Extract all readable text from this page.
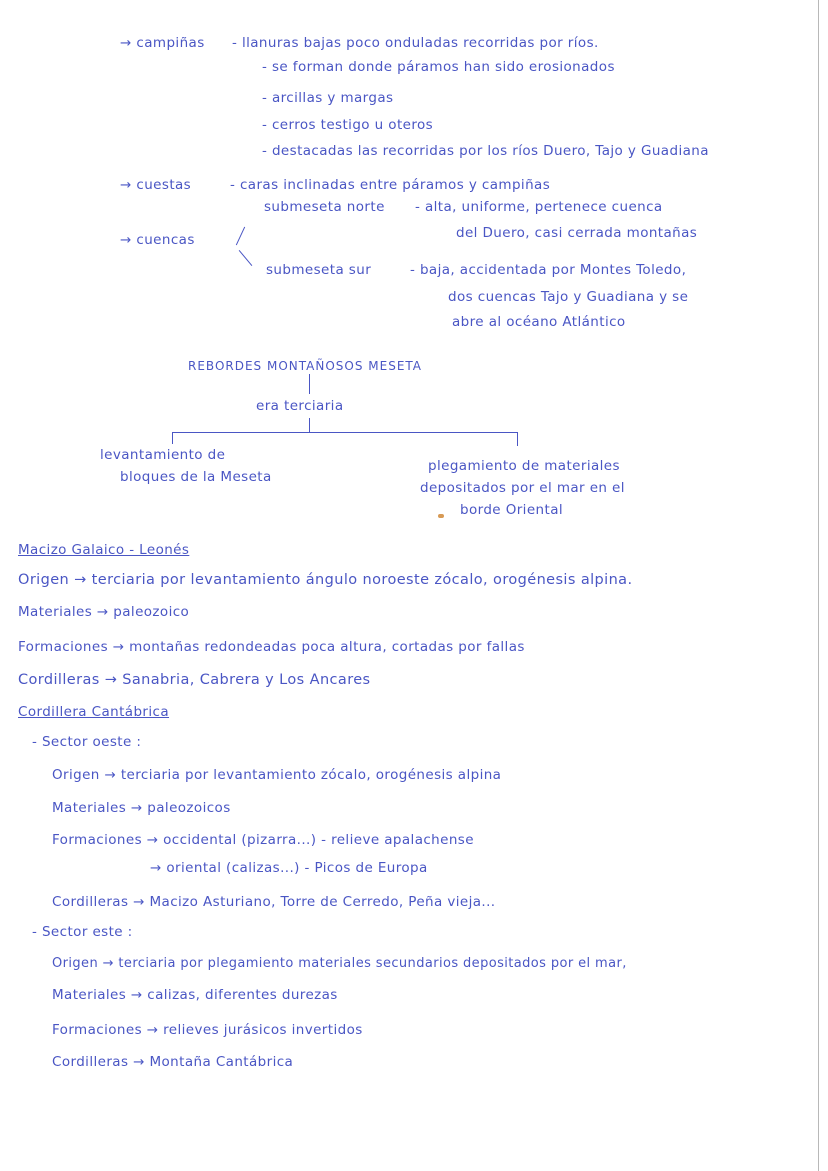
→ campiñas - llanuras bajas poco onduladas recorridas por ríos.
- se forman donde páramos han sido erosionados
- arcillas y margas
- cerros testigo u oteros
- destacadas las recorridas por los ríos Duero, Tajo y Guadiana
→ cuestas	- caras inclinadas entre páramos y campiñas
submeseta norte - alta, uniforme, pertenece cuenca
del Duero, casi cerrada montañas
→ cuencas
submeseta sur	- baja, accidentada por Montes Toledo,
dos cuencas Tajo y Guadiana y se
abre al océano Atlántico
REBORDES MONTAÑOSOS MESETA
era terciaria
levantamiento de
bloques de la Meseta
plegamiento de materiales
depositados por el mar en el
borde Oriental
Macizo Galaico - Leonés
Origen → terciaria por levantamiento ángulo noroeste zócalo, orogénesis alpina.
Materiales → paleozoico
Formaciones → montañas redondeadas poca altura, cortadas por fallas
Cordilleras → Sanabria, Cabrera y Los Ancares
Cordillera Cantábrica
- Sector oeste :
Origen → terciaria por levantamiento zócalo, orogénesis alpina
Materiales → paleozoicos
Formaciones → occidental (pizarra...) - relieve apalachense
→ oriental (calizas...) - Picos de Europa
Cordilleras → Macizo Asturiano, Torre de Cerredo, Peña vieja...
- Sector este :
Origen → terciaria por plegamiento materiales secundarios depositados por el mar,
Materiales → calizas, diferentes durezas
Formaciones → relieves jurásicos invertidos
Cordilleras → Montaña Cantábrica
